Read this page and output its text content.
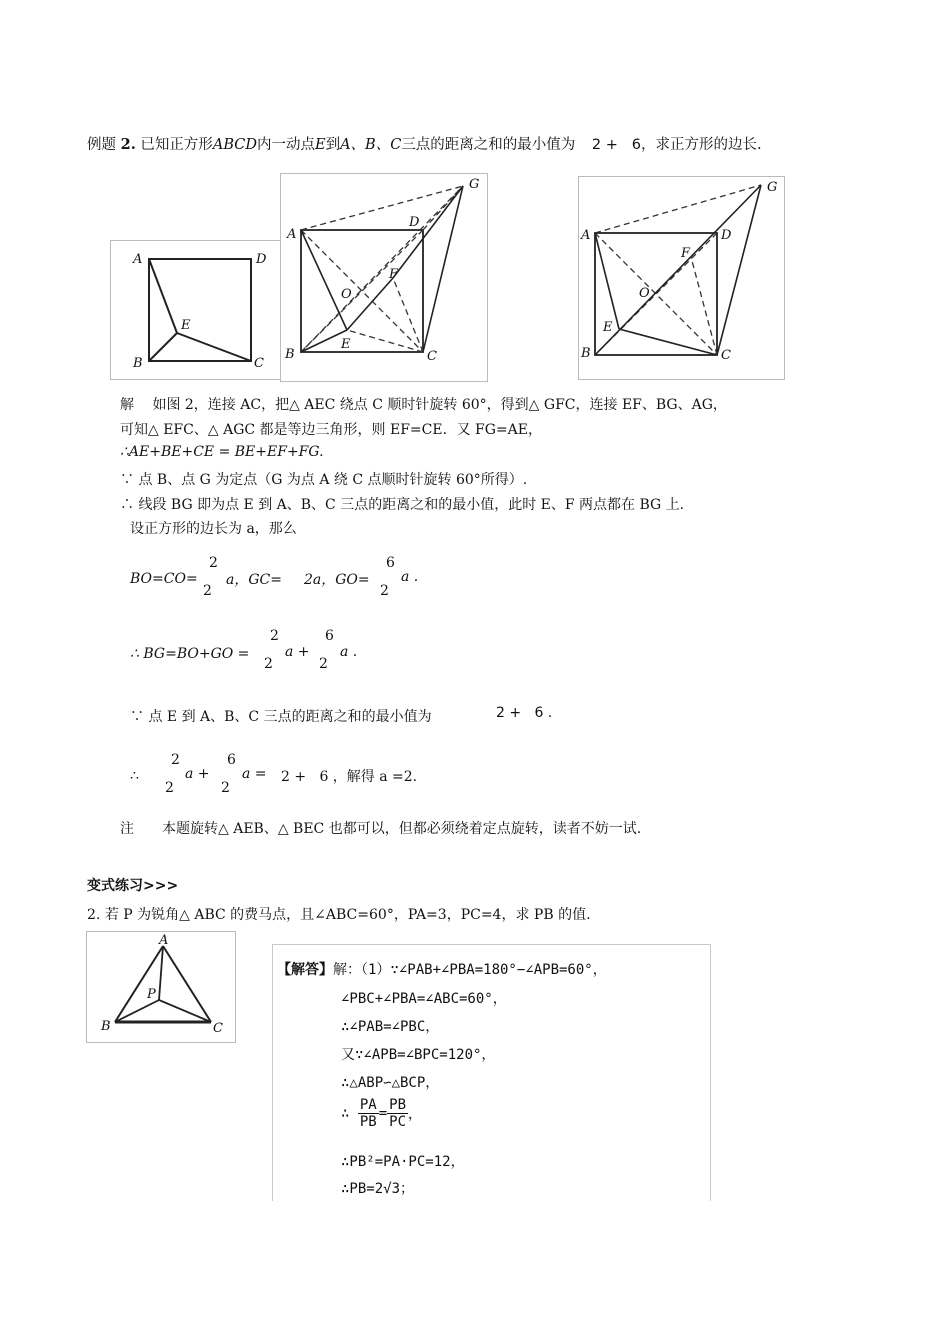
例题 2. 已知正方形ABCD内一动点E到A、B、C三点的距离之和的最小值为 2 +   6，求正方形的边长.
A	D
E
B	C
G
A
D
F
O
E
B	C
G
A	D
F
O
E
B	C
解　 如图 2，连接 AC，把△ AEC 绕点 C 顺时针旋转 60°，得到△ GFC，连接 EF、BG、AG，
可知△ EFC、△ AGC 都是等边三角形，则 EF=CE．又 FG=AE，
∴AE+BE+CE = BE+EF+FG.
∵ 点 B、点 G 为定点（G 为点 A 绕 C 点顺时针旋转 60°所得）.
∴ 线段 BG 即为点 E 到 A、B、C 三点的距离之和的最小值，此时 E、F 两点都在 BG 上.
设正方形的边长为 a，那么
BO=CO=
2
2
a，GC= 2a，GO=
6
2
a .
∴ BG=BO+GO =
2
2
a +
6
2
a .
∵ 点 E 到 A、B、C 三点的距离之和的最小值为	2 +   6 .
∴
2
2
a +
6
2
a = 2 +   6 ，解得 a =2.
注　　本题旋转△ AEB、△ BEC 也都可以，但都必须绕着定点旋转，读者不妨一试.
变式练习>>>
2. 若 P 为锐角△ ABC 的费马点，且∠ABC=60°，PA=3，PC=4，求 PB 的值.
A
P
B	C
【解答】解：（1）∵∠PAB+∠PBA=180°−∠APB=60°，
∠PBC+∠PBA=∠ABC=60°，
∴∠PAB=∠PBC，
又∵∠APB=∠BPC=120°，
∴△ABP∽△BCP，
∴ $\frac{PA}{PB} = \frac{PB}{PC}$ ，
∴PB²=PA·PC=12，
∴PB=2√3；
